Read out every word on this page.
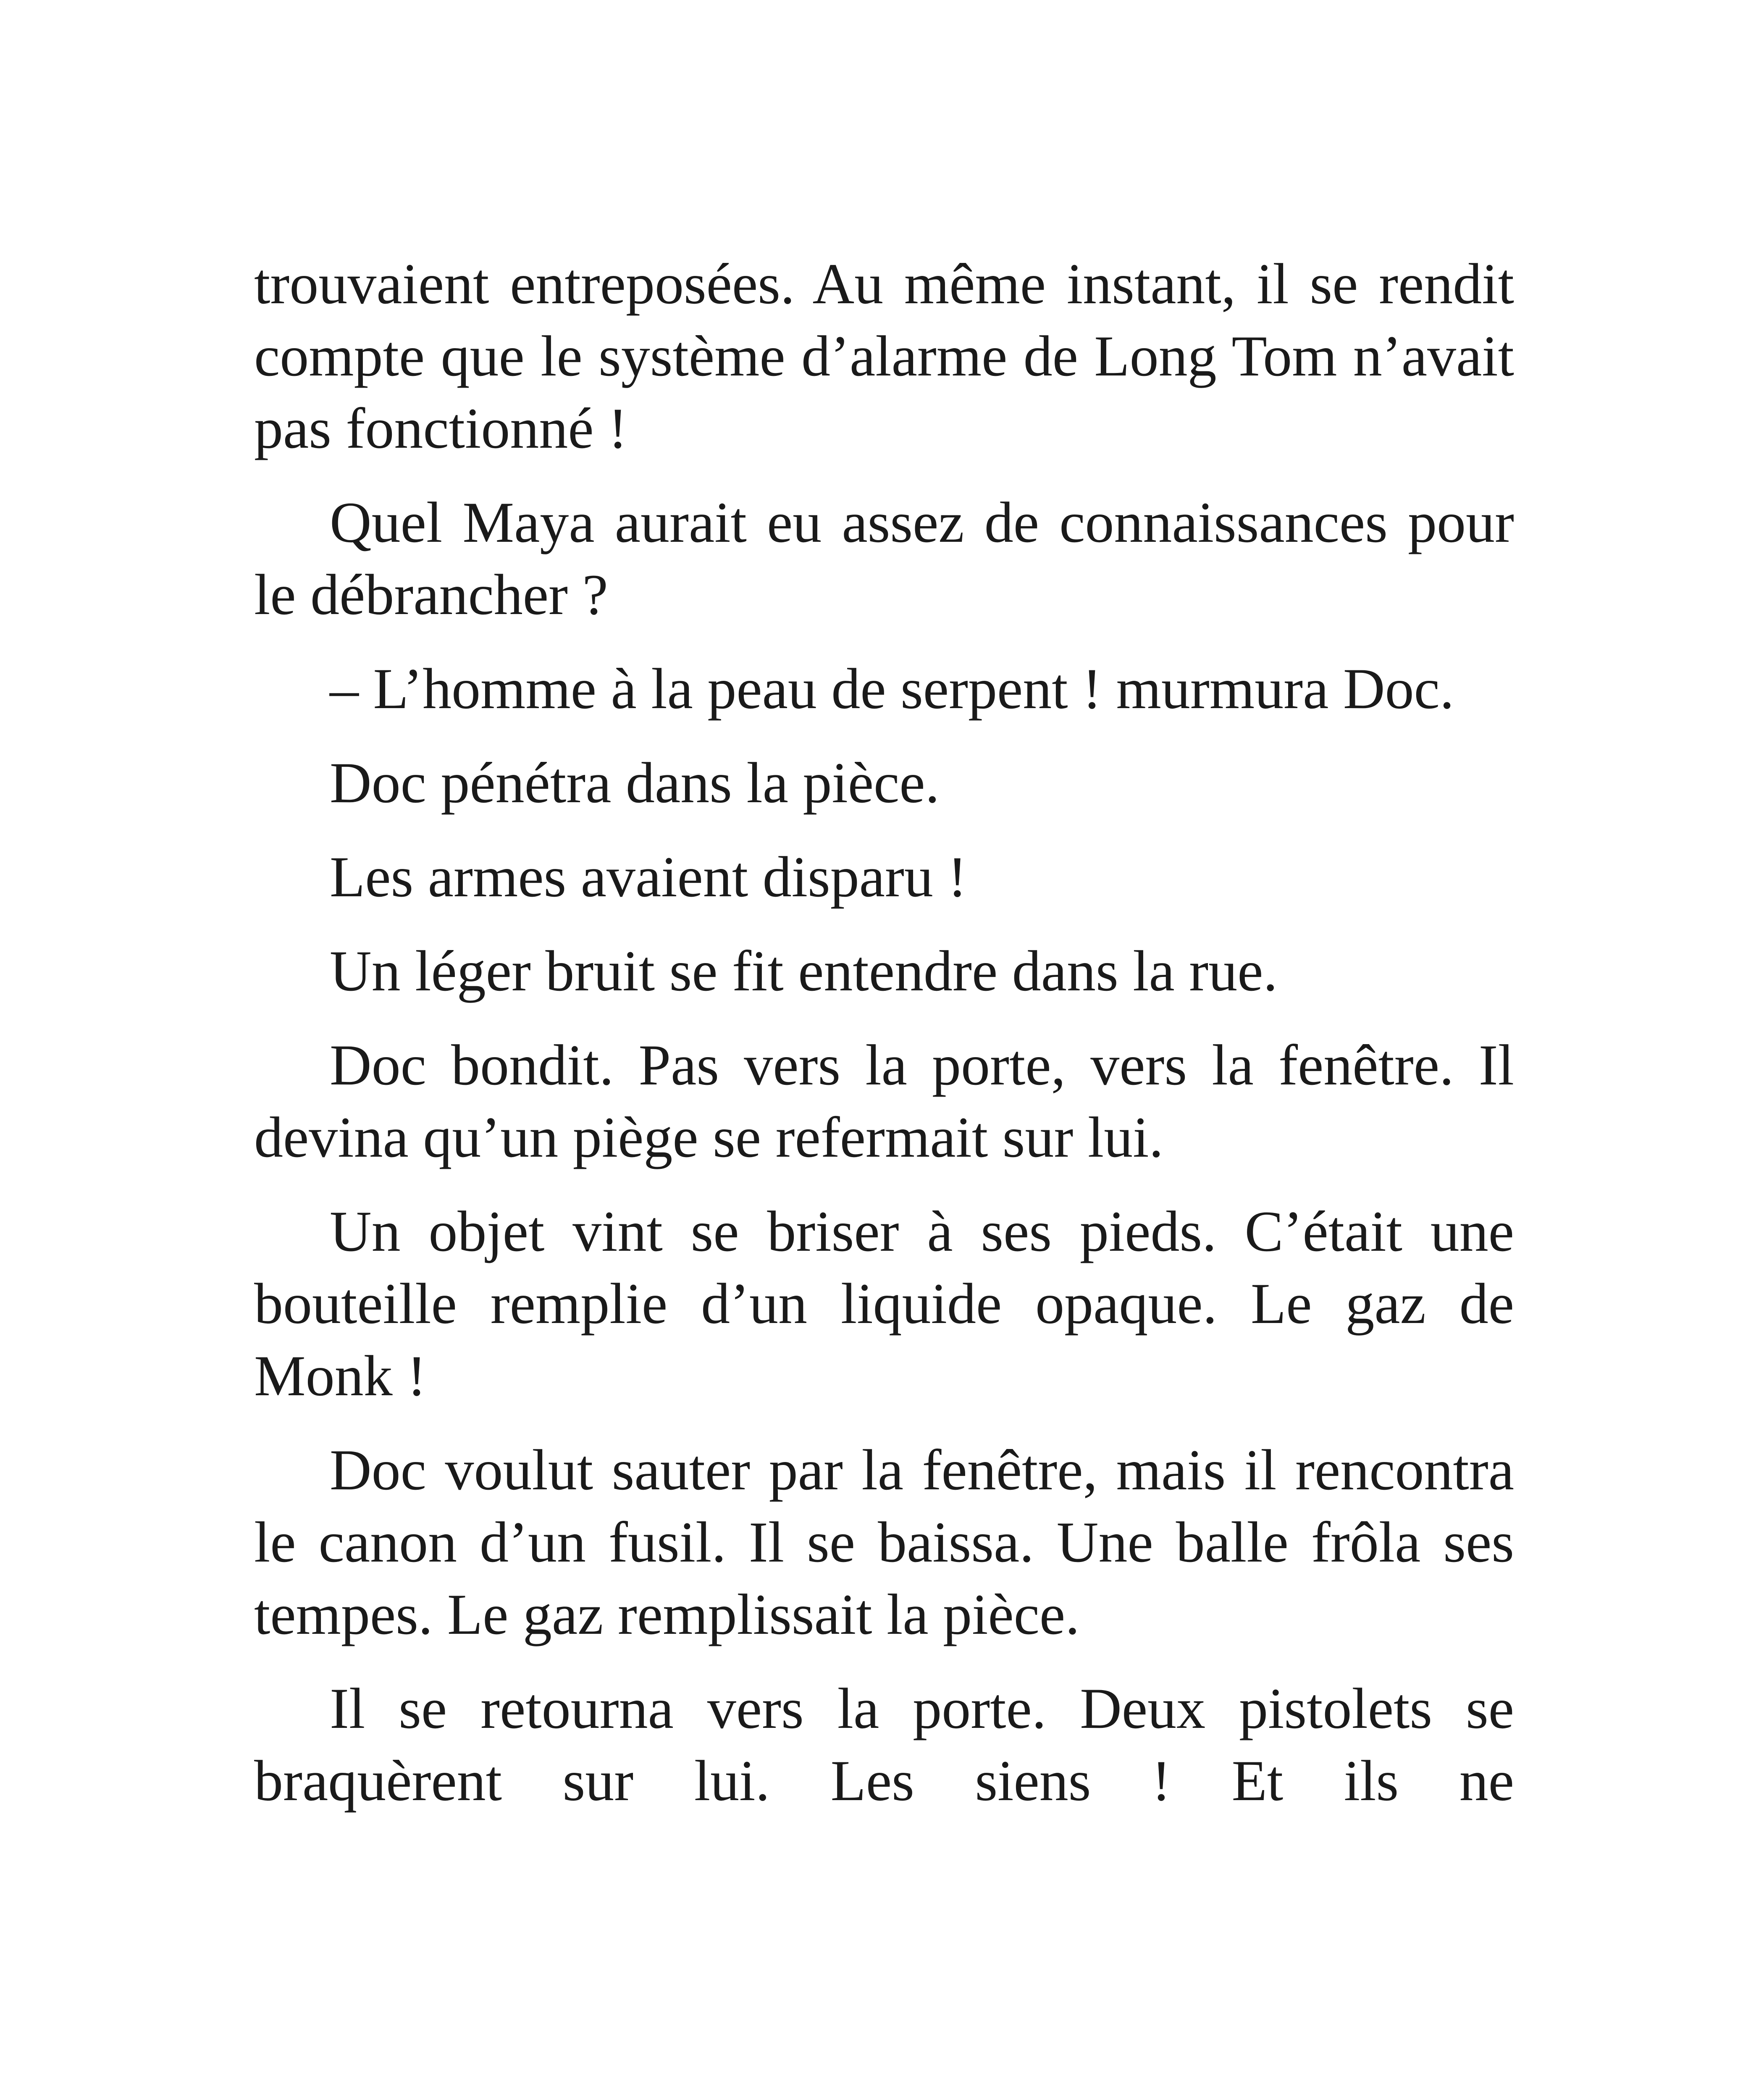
trouvaient entreposées. Au même instant, il se rendit compte que le système d’alarme de Long Tom n’avait pas fonctionné !

Quel Maya aurait eu assez de connaissances pour le débrancher ?

– L’homme à la peau de serpent ! murmura Doc.

Doc pénétra dans la pièce.

Les armes avaient disparu !

Un léger bruit se fit entendre dans la rue.

Doc bondit. Pas vers la porte, vers la fenêtre. Il devina qu’un piège se refermait sur lui.

Un objet vint se briser à ses pieds. C’était une bouteille remplie d’un liquide opaque. Le gaz de Monk !

Doc voulut sauter par la fenêtre, mais il rencontra le canon d’un fusil. Il se baissa. Une balle frôla ses tempes. Le gaz remplissait la pièce.

Il se retourna vers la porte. Deux pistolets se braquèrent sur lui. Les siens ! Et ils ne
